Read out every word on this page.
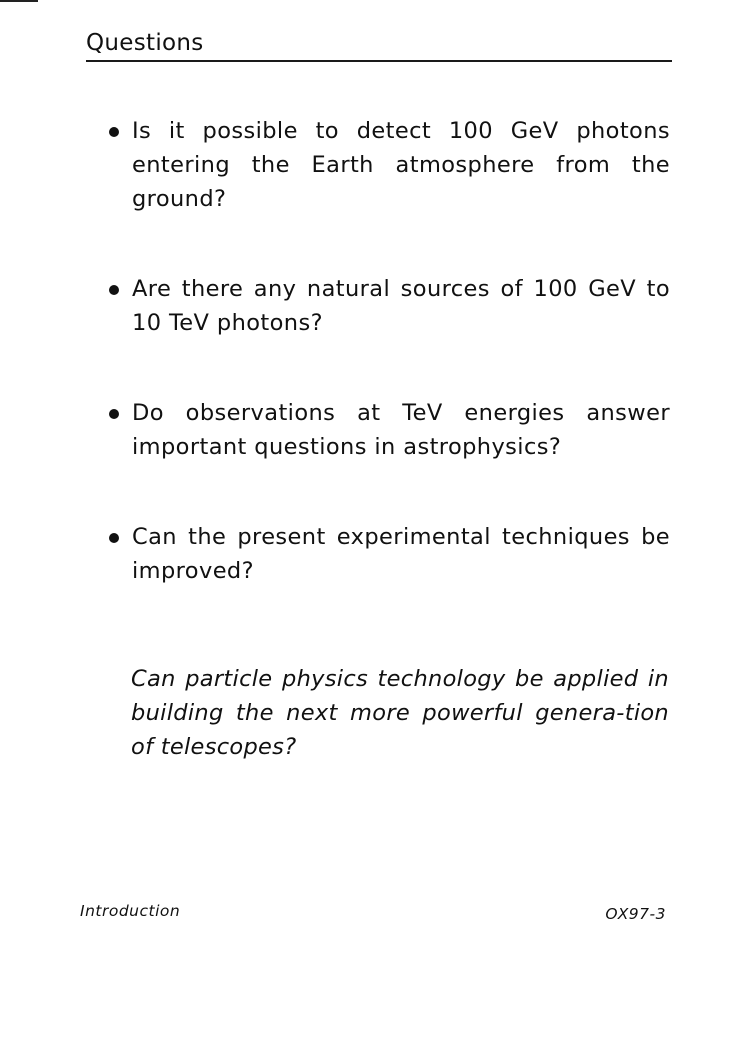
Questions
Is it possible to detect 100 GeV photons entering the Earth atmosphere from the ground?
Are there any natural sources of 100 GeV to 10 TeV photons?
Do observations at TeV energies answer important questions in astrophysics?
Can the present experimental techniques be improved?

Can particle physics technology be applied in building the next more powerful genera-tion of telescopes?

Introduction	OX97-3
